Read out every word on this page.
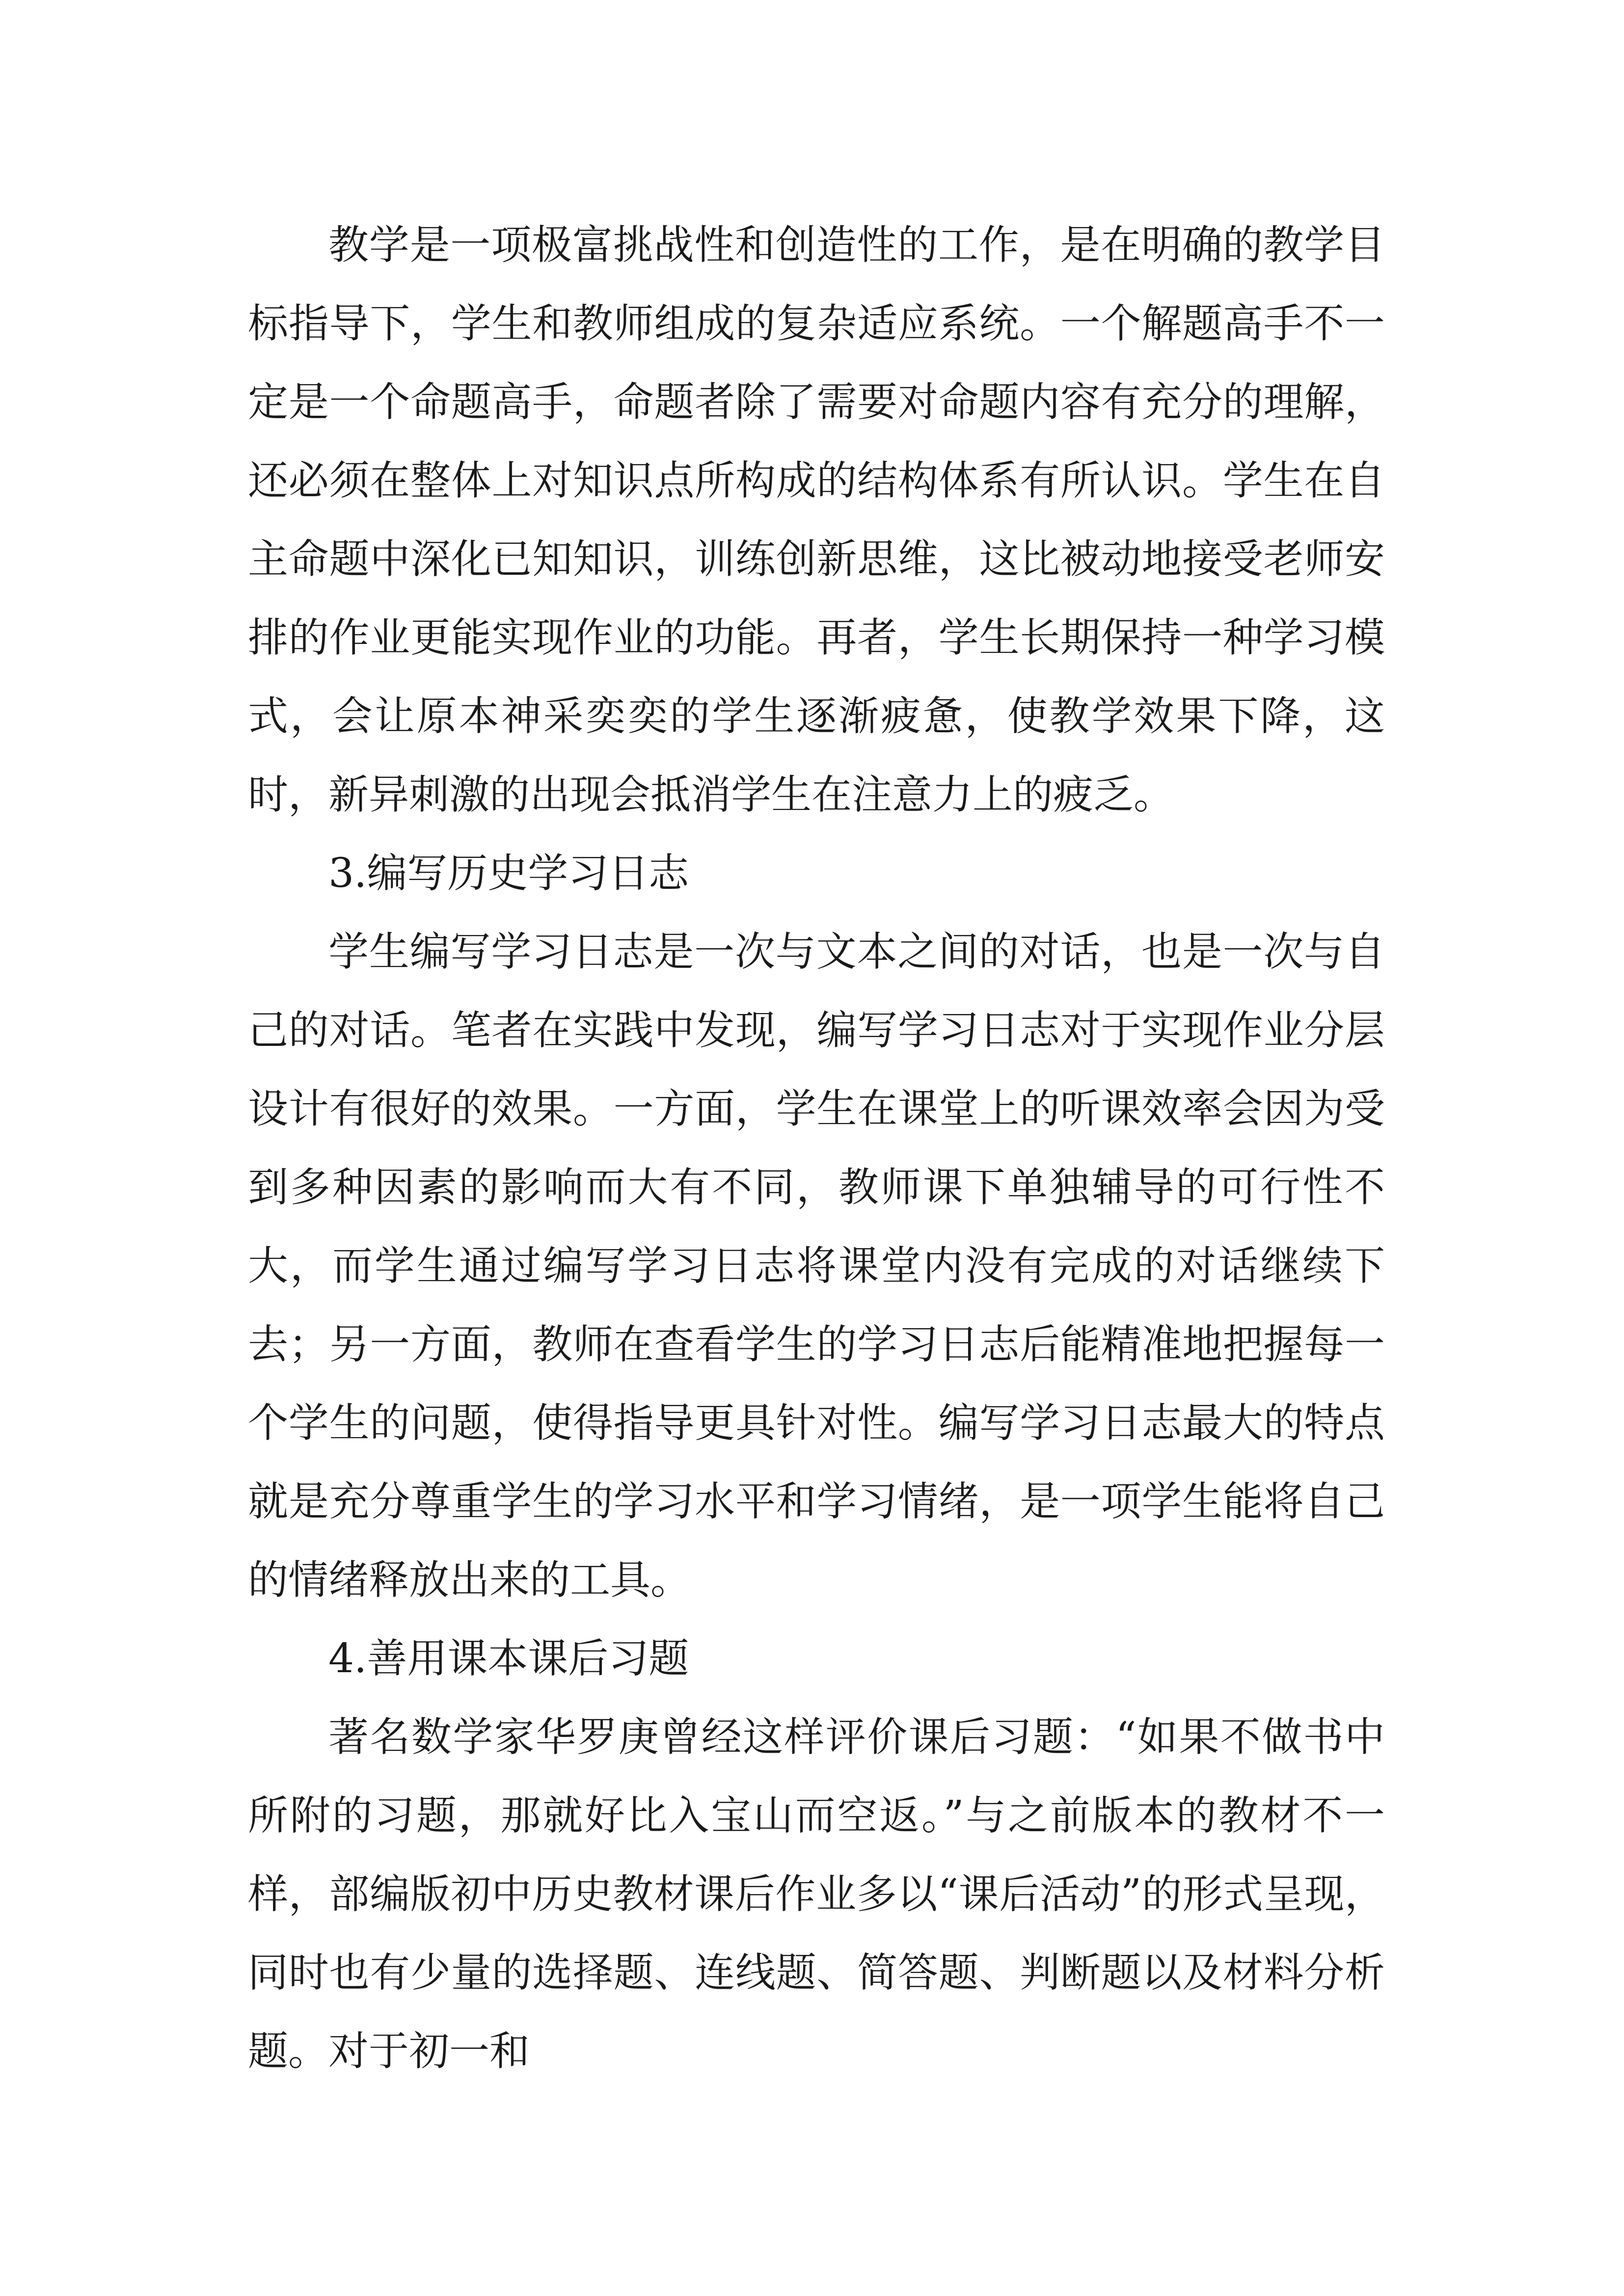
教学是一项极富挑战性和创造性的工作，是在明确的教学目标指导下，学生和教师组成的复杂适应系统。一个解题高手不一定是一个命题高手，命题者除了需要对命题内容有充分的理解，还必须在整体上对知识点所构成的结构体系有所认识。学生在自主命题中深化已知知识，训练创新思维，这比被动地接受老师安排的作业更能实现作业的功能。再者，学生长期保持一种学习模式，会让原本神采奕奕的学生逐渐疲惫，使教学效果下降，这时，新异刺激的出现会抵消学生在注意力上的疲乏。

3.编写历史学习日志

学生编写学习日志是一次与文本之间的对话，也是一次与自己的对话。笔者在实践中发现，编写学习日志对于实现作业分层设计有很好的效果。一方面，学生在课堂上的听课效率会因为受到多种因素的影响而大有不同，教师课下单独辅导的可行性不大，而学生通过编写学习日志将课堂内没有完成的对话继续下去；另一方面，教师在查看学生的学习日志后能精准地把握每一个学生的问题，使得指导更具针对性。编写学习日志最大的特点就是充分尊重学生的学习水平和学习情绪，是一项学生能将自己的情绪释放出来的工具。

4.善用课本课后习题

著名数学家华罗庚曾经这样评价课后习题：“如果不做书中所附的习题，那就好比入宝山而空返。”与之前版本的教材不一样，部编版初中历史教材课后作业多以“课后活动”的形式呈现，同时也有少量的选择题、连线题、简答题、判断题以及材料分析题。对于初一和
